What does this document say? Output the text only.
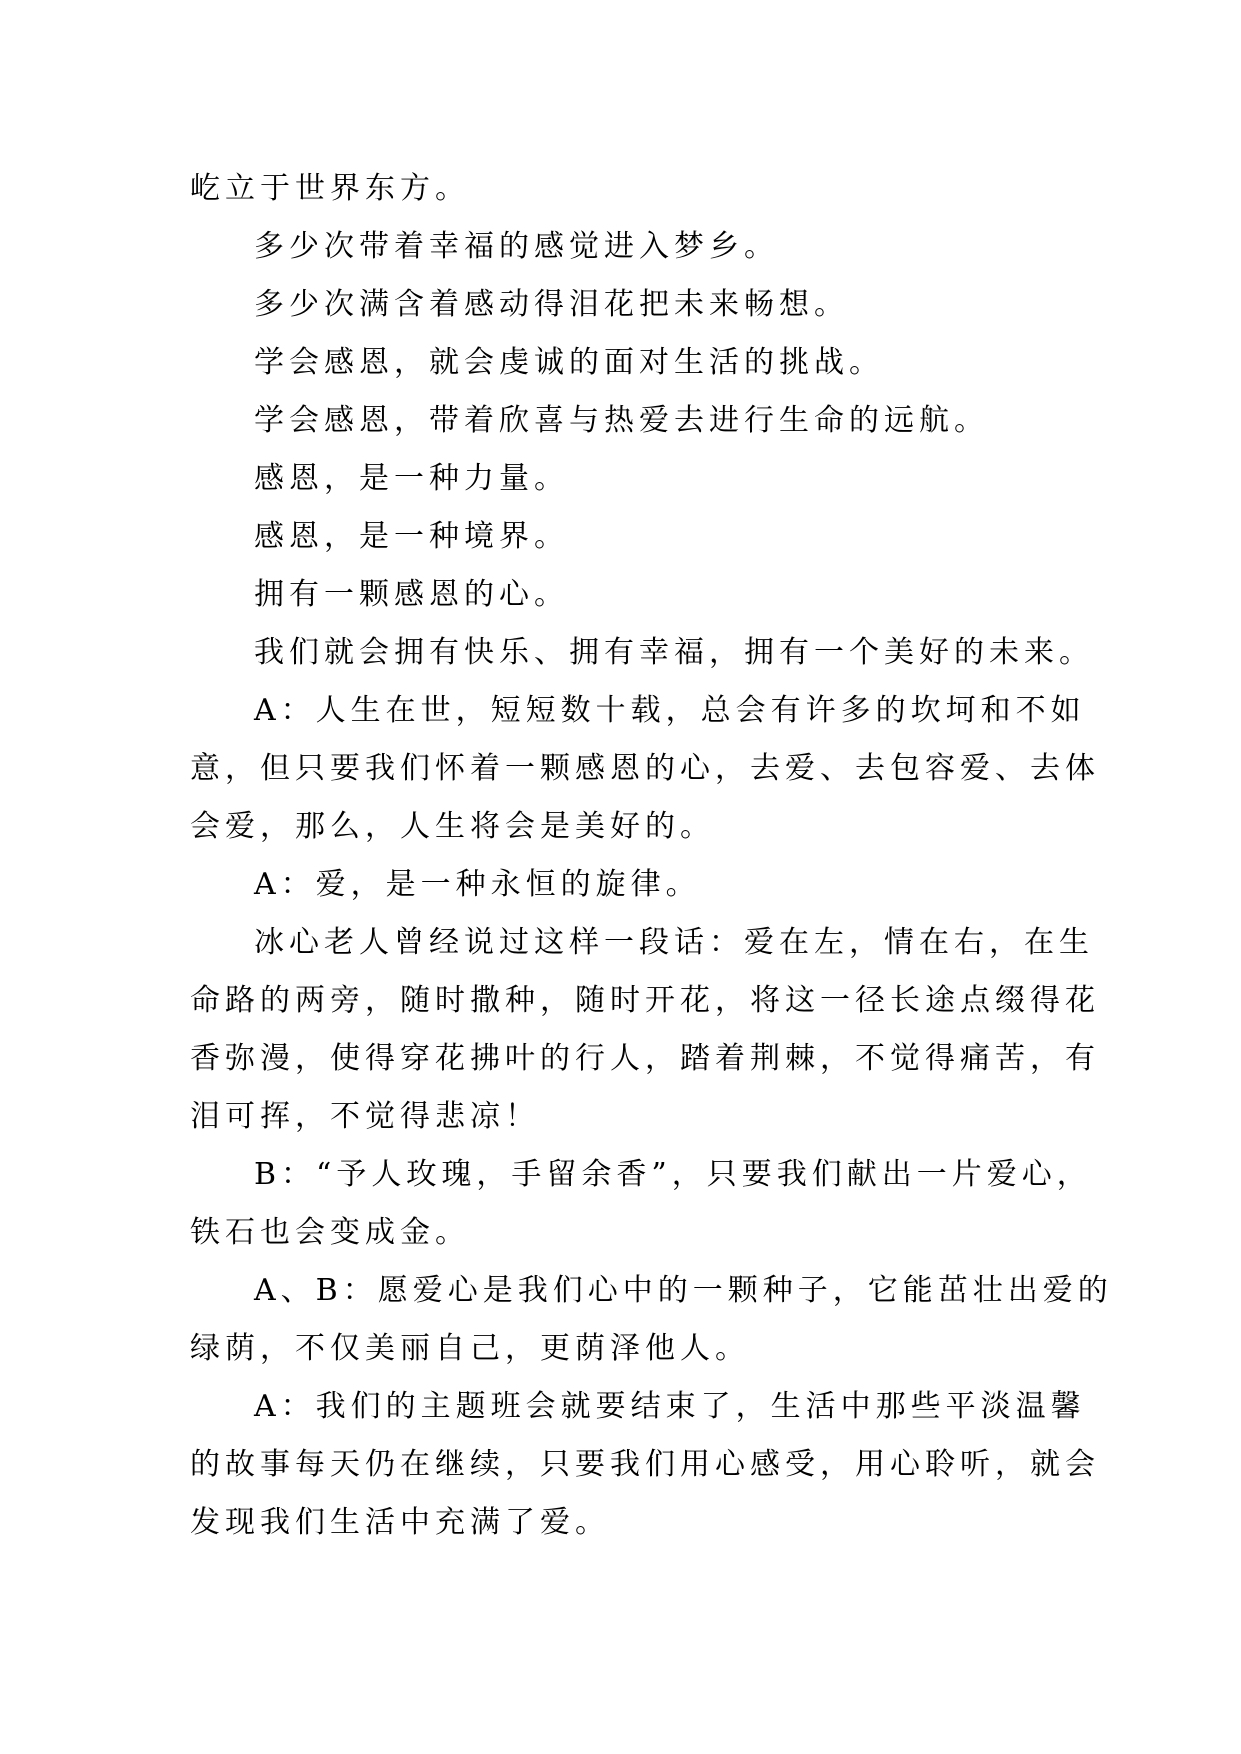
屹立于世界东方。

多少次带着幸福的感觉进入梦乡。

多少次满含着感动得泪花把未来畅想。

学会感恩，就会虔诚的面对生活的挑战。

学会感恩，带着欣喜与热爱去进行生命的远航。

感恩，是一种力量。

感恩，是一种境界。

拥有一颗感恩的心。

我们就会拥有快乐、拥有幸福，拥有一个美好的未来。

A：人生在世，短短数十载，总会有许多的坎坷和不如

意，但只要我们怀着一颗感恩的心，去爱、去包容爱、去体

会爱，那么，人生将会是美好的。

A：爱，是一种永恒的旋律。

冰心老人曾经说过这样一段话：爱在左，情在右，在生

命路的两旁，随时撒种，随时开花，将这一径长途点缀得花

香弥漫，使得穿花拂叶的行人，踏着荆棘，不觉得痛苦，有

泪可挥，不觉得悲凉！

B：“予人玫瑰，手留余香”，只要我们献出一片爱心，

铁石也会变成金。

A、B：愿爱心是我们心中的一颗种子，它能茁壮出爱的

绿荫，不仅美丽自己，更荫泽他人。

A：我们的主题班会就要结束了，生活中那些平淡温馨

的故事每天仍在继续，只要我们用心感受，用心聆听，就会

发现我们生活中充满了爱。
